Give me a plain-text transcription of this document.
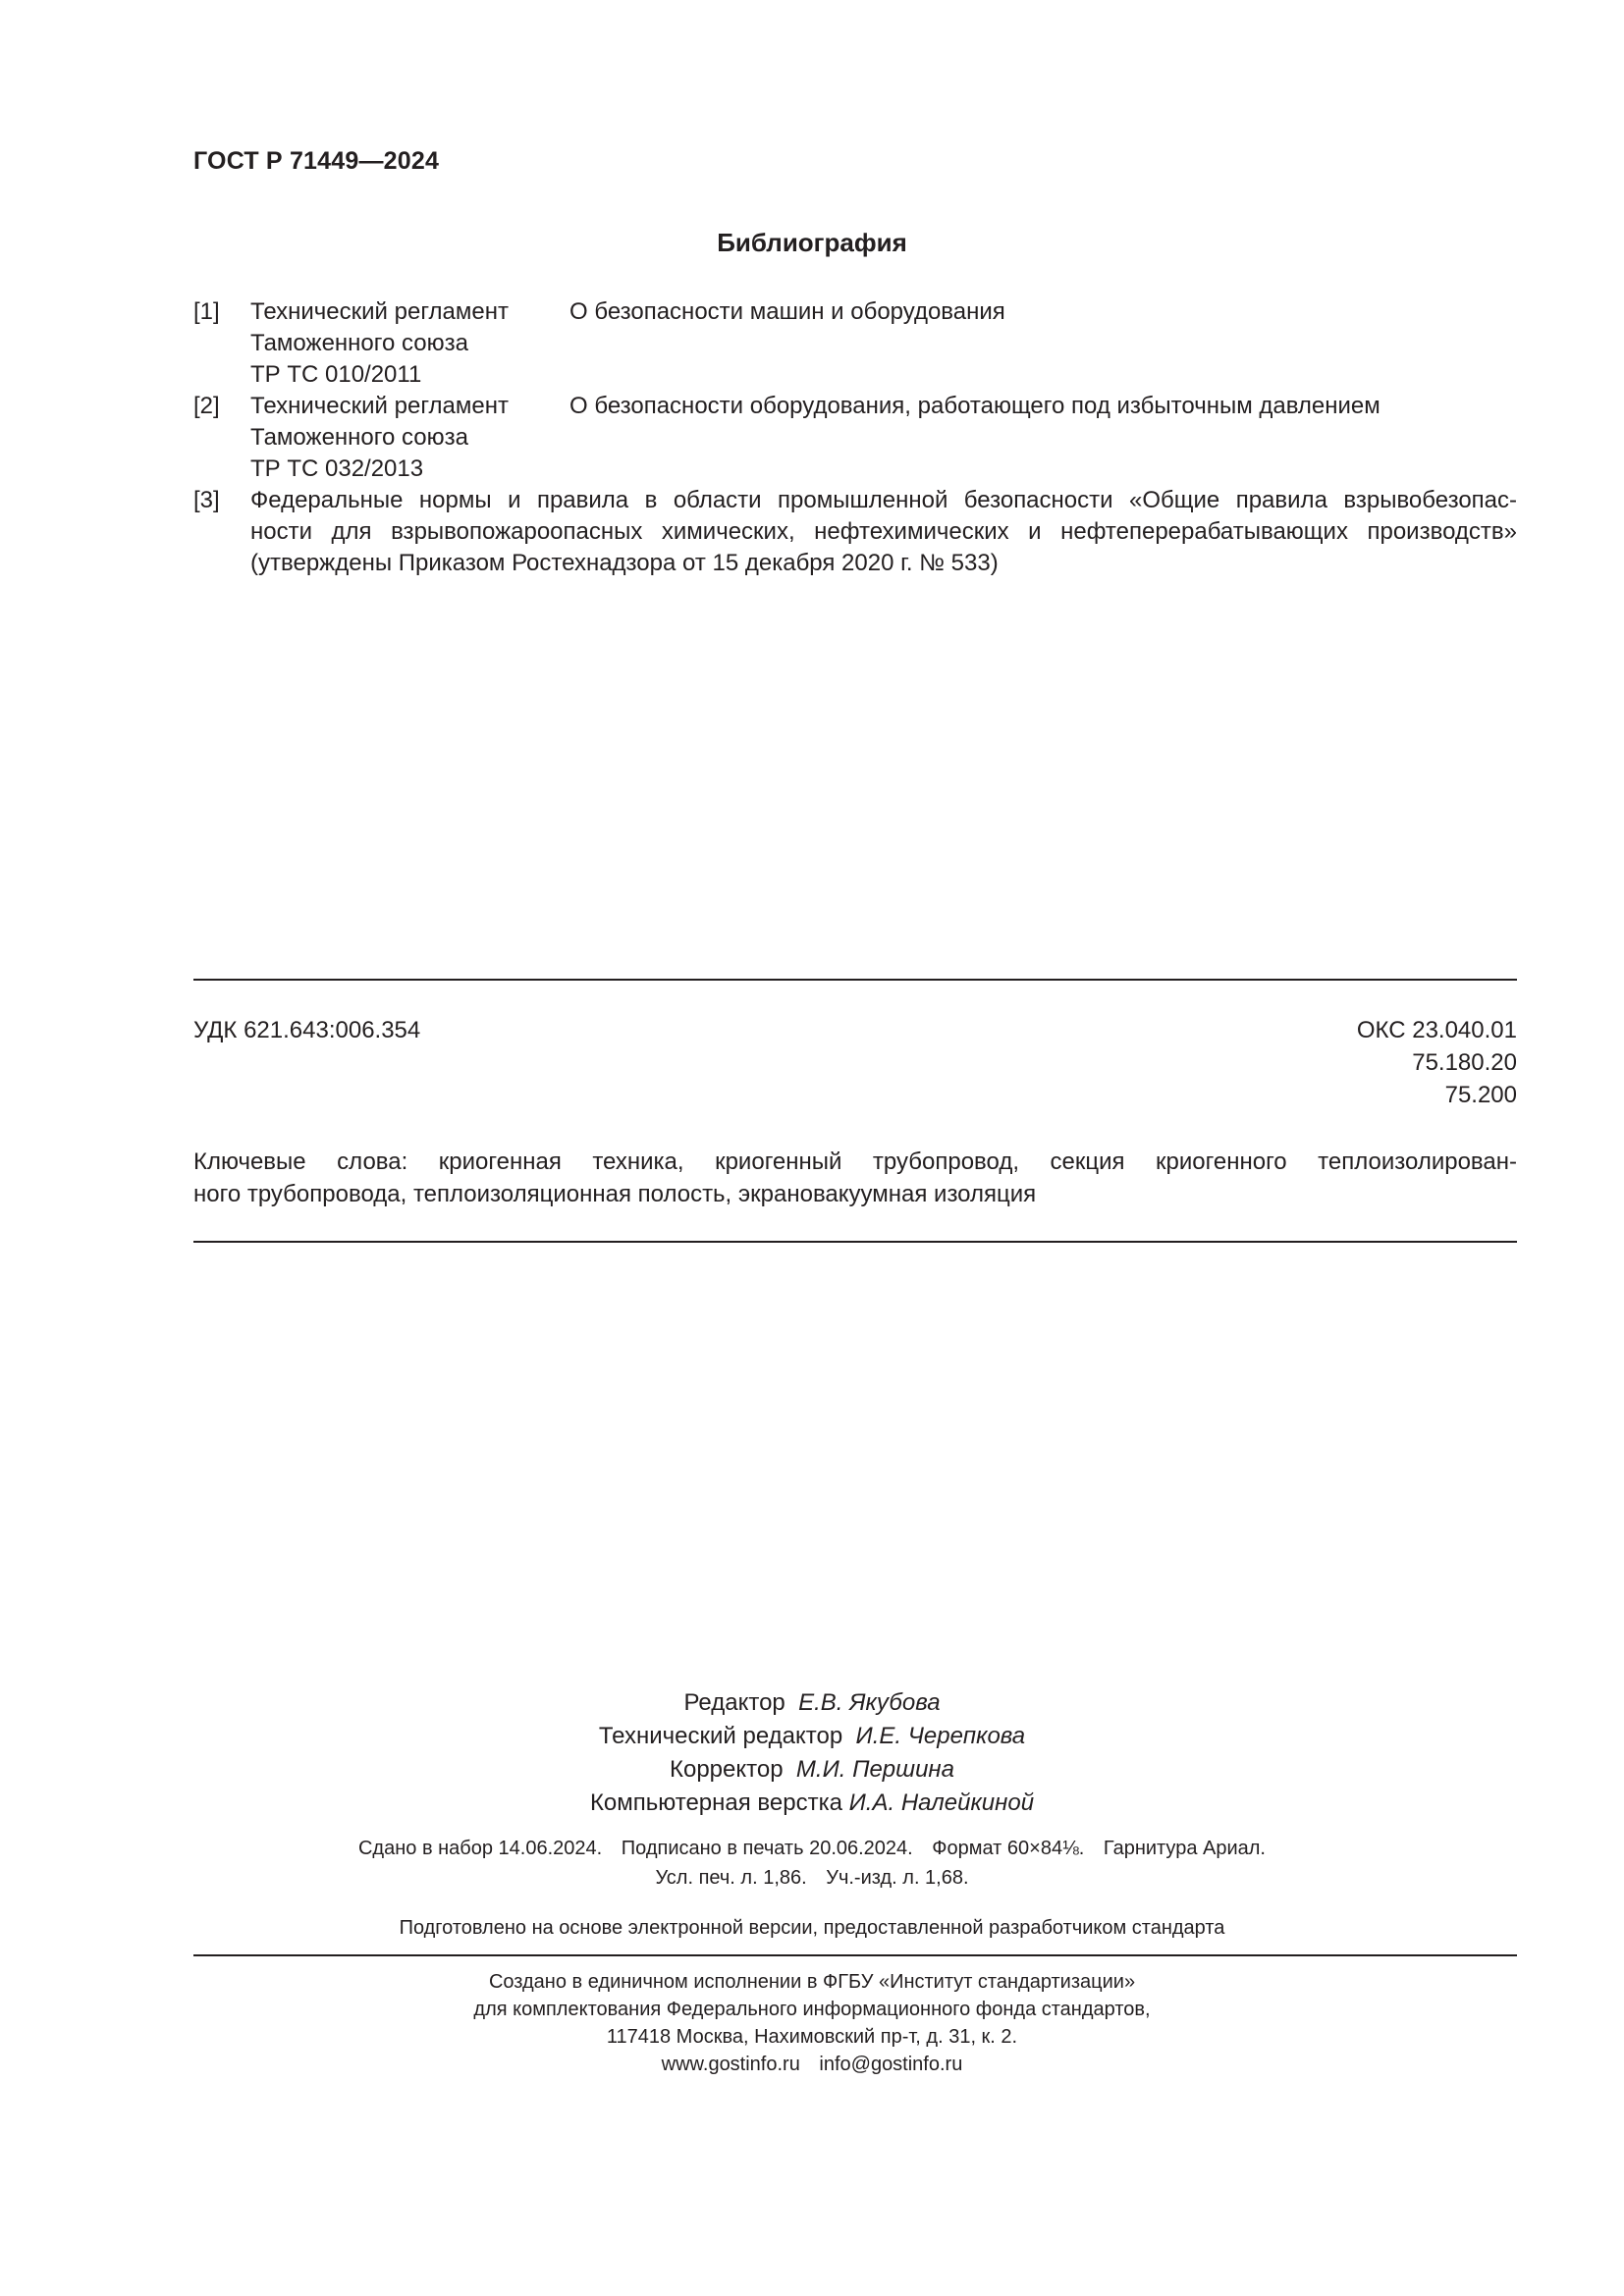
ГОСТ Р 71449—2024
Библиография
[1] Технический регламент
Таможенного союза
ТР ТС 010/2011
О безопасности машин и оборудования
[2] Технический регламент
Таможенного союза
ТР ТС 032/2013
О безопасности оборудования, работающего под избыточным давлением
[3] Федеральные нормы и правила в области промышленной безопасности «Общие правила взрывобезопас-
ности для взрывопожароопасных химических, нефтехимических и нефтеперерабатывающих производств»
(утверждены Приказом Ростехнадзора от 15 декабря 2020 г. № 533)
УДК 621.643:006.354	ОКС 23.040.01
75.180.20
75.200
Ключевые слова: криогенная техника, криогенный трубопровод, секция криогенного теплоизолирован-
ного трубопровода, теплоизоляционная полость, экрановакуумная изоляция
Редактор Е.В. Якубова
Технический редактор И.Е. Черепкова
Корректор М.И. Першина
Компьютерная верстка И.А. Налейкиной
Сдано в набор 14.06.2024. Подписано в печать 20.06.2024. Формат 60×84⅛. Гарнитура Ариал.
Усл. печ. л. 1,86. Уч.-изд. л. 1,68.
Подготовлено на основе электронной версии, предоставленной разработчиком стандарта
Создано в единичном исполнении в ФГБУ «Институт стандартизации»
для комплектования Федерального информационного фонда стандартов,
117418 Москва, Нахимовский пр-т, д. 31, к. 2.
www.gostinfo.ru info@gostinfo.ru
